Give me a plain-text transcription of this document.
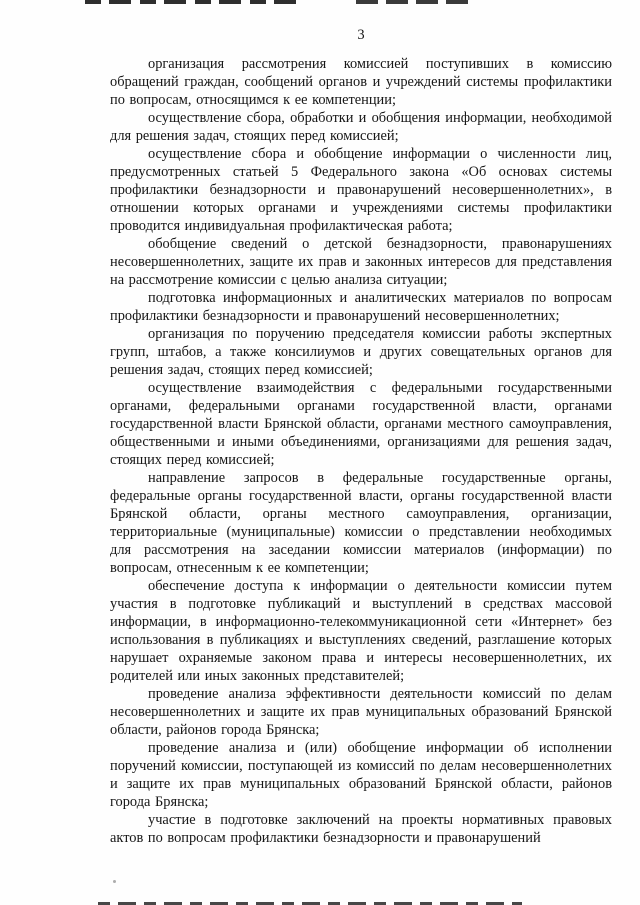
3

организация рассмотрения комиссией поступивших в комиссию обращений граждан, сообщений органов и учреждений системы профилактики по вопросам, относящимся к ее компетенции;

осуществление сбора, обработки и обобщения информации, необходимой для решения задач, стоящих перед комиссией;

осуществление сбора и обобщение информации о численности лиц, предусмотренных статьей 5 Федерального закона «Об основах системы профилактики безнадзорности и правонарушений несовершеннолетних», в отношении которых органами и учреждениями системы профилактики проводится индивидуальная профилактическая работа;

обобщение сведений о детской безнадзорности, правонарушениях несовершеннолетних, защите их прав и законных интересов для представления на рассмотрение комиссии с целью анализа ситуации;

подготовка информационных и аналитических материалов по вопросам профилактики безнадзорности и правонарушений несовершеннолетних;

организация по поручению председателя комиссии работы экспертных групп, штабов, а также консилиумов и других совещательных органов для решения задач, стоящих перед комиссией;

осуществление взаимодействия с федеральными государственными органами, федеральными органами государственной власти, органами государственной власти Брянской области, органами местного самоуправления, общественными и иными объединениями, организациями для решения задач, стоящих перед комиссией;

направление запросов в федеральные государственные органы, федеральные органы государственной власти, органы государственной власти Брянской области, органы местного самоуправления, организации, территориальные (муниципальные) комиссии о представлении необходимых для рассмотрения на заседании комиссии материалов (информации) по вопросам, отнесенным к ее компетенции;

обеспечение доступа к информации о деятельности комиссии путем участия в подготовке публикаций и выступлений в средствах массовой информации, в информационно-телекоммуникационной сети «Интернет» без использования в публикациях и выступлениях сведений, разглашение которых нарушает охраняемые законом права и интересы несовершеннолетних, их родителей или иных законных представителей;

проведение анализа эффективности деятельности комиссий по делам несовершеннолетних и защите их прав муниципальных образований Брянской области, районов города Брянска;

проведение анализа и (или) обобщение информации об исполнении поручений комиссии, поступающей из комиссий по делам несовершеннолетних и защите их прав муниципальных образований Брянской области, районов города Брянска;

участие в подготовке заключений на проекты нормативных правовых актов по вопросам профилактики безнадзорности и правонарушений
